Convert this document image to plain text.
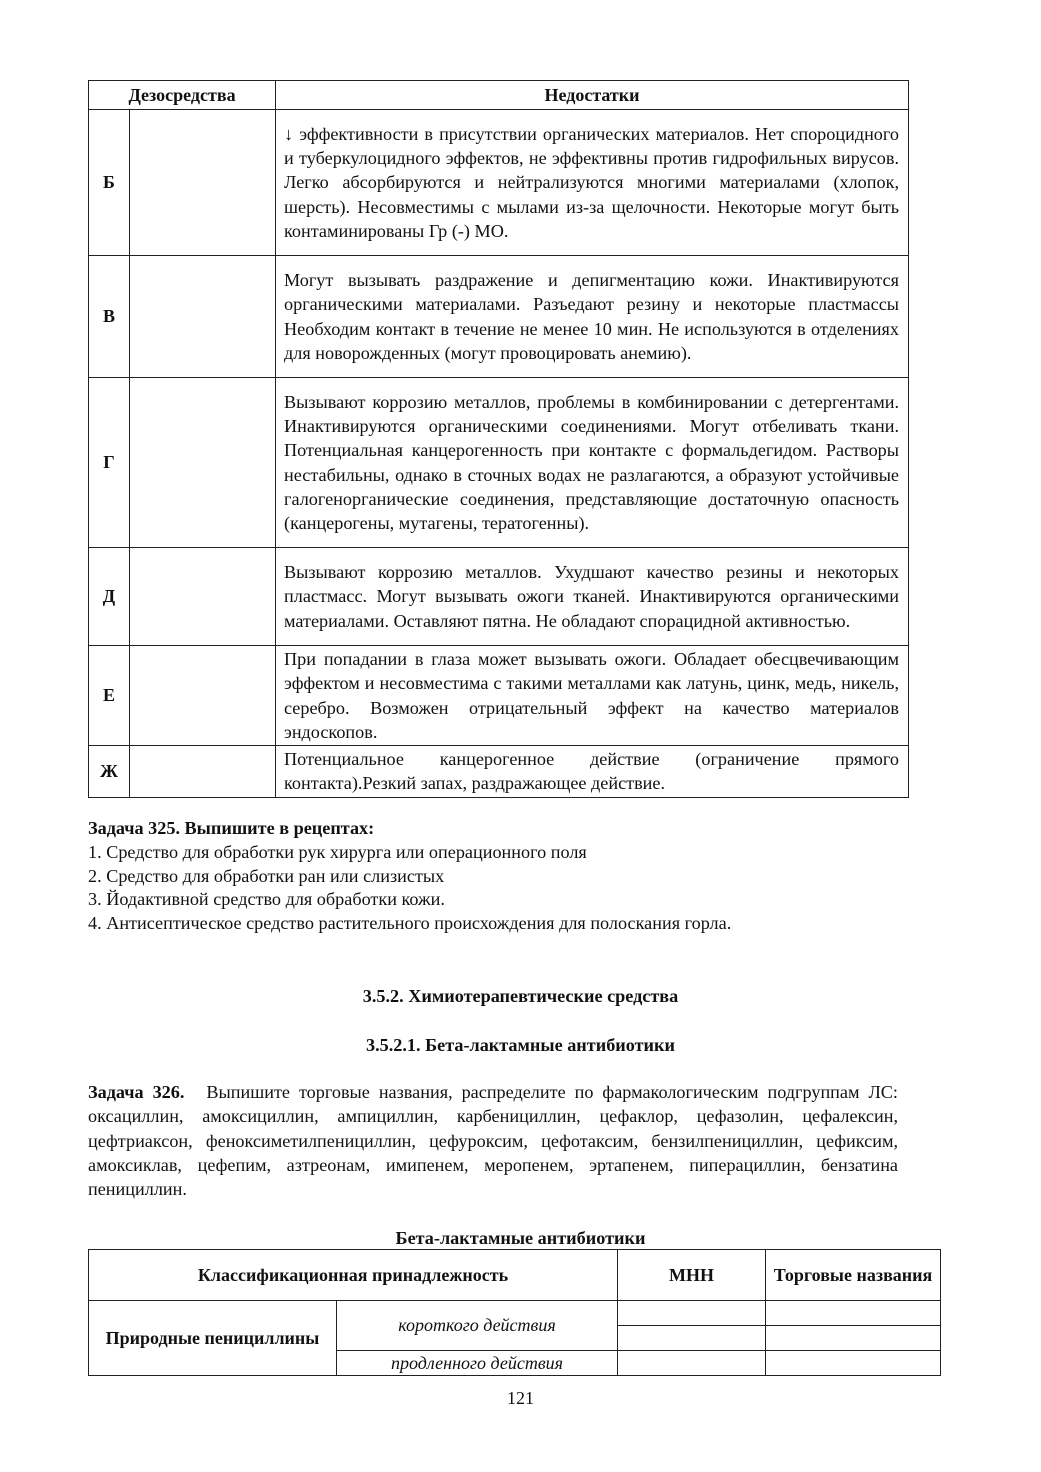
Дезосредства		Недостатки
Б		↓ эффективности в присутствии органических материалов. Нет спороцидного и туберкулоцидного эффектов, не эффективны против гидрофильных вирусов. Легко абсорбируются и нейтрализуются многими материалами (хлопок, шерсть). Несовместимы с мылами из-за щелочности. Некоторые могут быть контаминированы Гр (-) МО.
В		Могут вызывать раздражение и депигментацию кожи. Инактивируются органическими материалами. Разъедают резину и некоторые пластмассы Необходим контакт в течение не менее 10 мин. Не используются в отделениях для новорожденных (могут провоцировать анемию).
Г		Вызывают коррозию металлов, проблемы в комбинировании с детергентами. Инактивируются органическими соединениями. Могут отбеливать ткани. Потенциальная канцерогенность при контакте с формальдегидом. Растворы нестабильны, однако в сточных водах не разлагаются, а образуют устойчивые галогенорганические соединения, представляющие достаточную опасность (канцерогены, мутагены, тератогенны).
Д		Вызывают коррозию металлов. Ухудшают качество резины и некоторых пластмасс. Могут вызывать ожоги тканей. Инактивируются органическими материалами. Оставляют пятна. Не обладают спорацидной активностью.
Е		При попадании в глаза может вызывать ожоги. Обладает обесцвечивающим эффектом и несовместима с такими металлами как латунь, цинк, медь, никель, серебро. Возможен отрицательный эффект на качество материалов эндоскопов.
Ж		Потенциальное канцерогенное действие (ограничение прямого контакта).Резкий запах, раздражающее действие.
Задача 325. Выпишите в рецептах:
1. Средство для обработки рук хирурга или операционного поля
2. Средство для обработки ран или слизистых
3. Йодактивной средство для обработки кожи.
4. Антисептическое средство растительного происхождения для полоскания горла.
3.5.2. Химиотерапевтические средства
3.5.2.1. Бета-лактамные антибиотики
Задача 326. Выпишите торговые названия, распределите по фармакологическим подгруппам ЛС: оксациллин, амоксициллин, ампициллин, карбенициллин, цефаклор, цефазолин, цефалексин, цефтриаксон, феноксиметилпенициллин, цефуроксим, цефотаксим, бензилпенициллин, цефиксим, амоксиклав, цефепим, азтреонам, имипенем, меропенем, эртапенем, пиперациллин, бензатина пенициллин.
Бета-лактамные антибиотики
Классификационная принадлежность		МНН	Торговые названия
Природные пенициллины	короткого действия		

	продленного действия		
121
